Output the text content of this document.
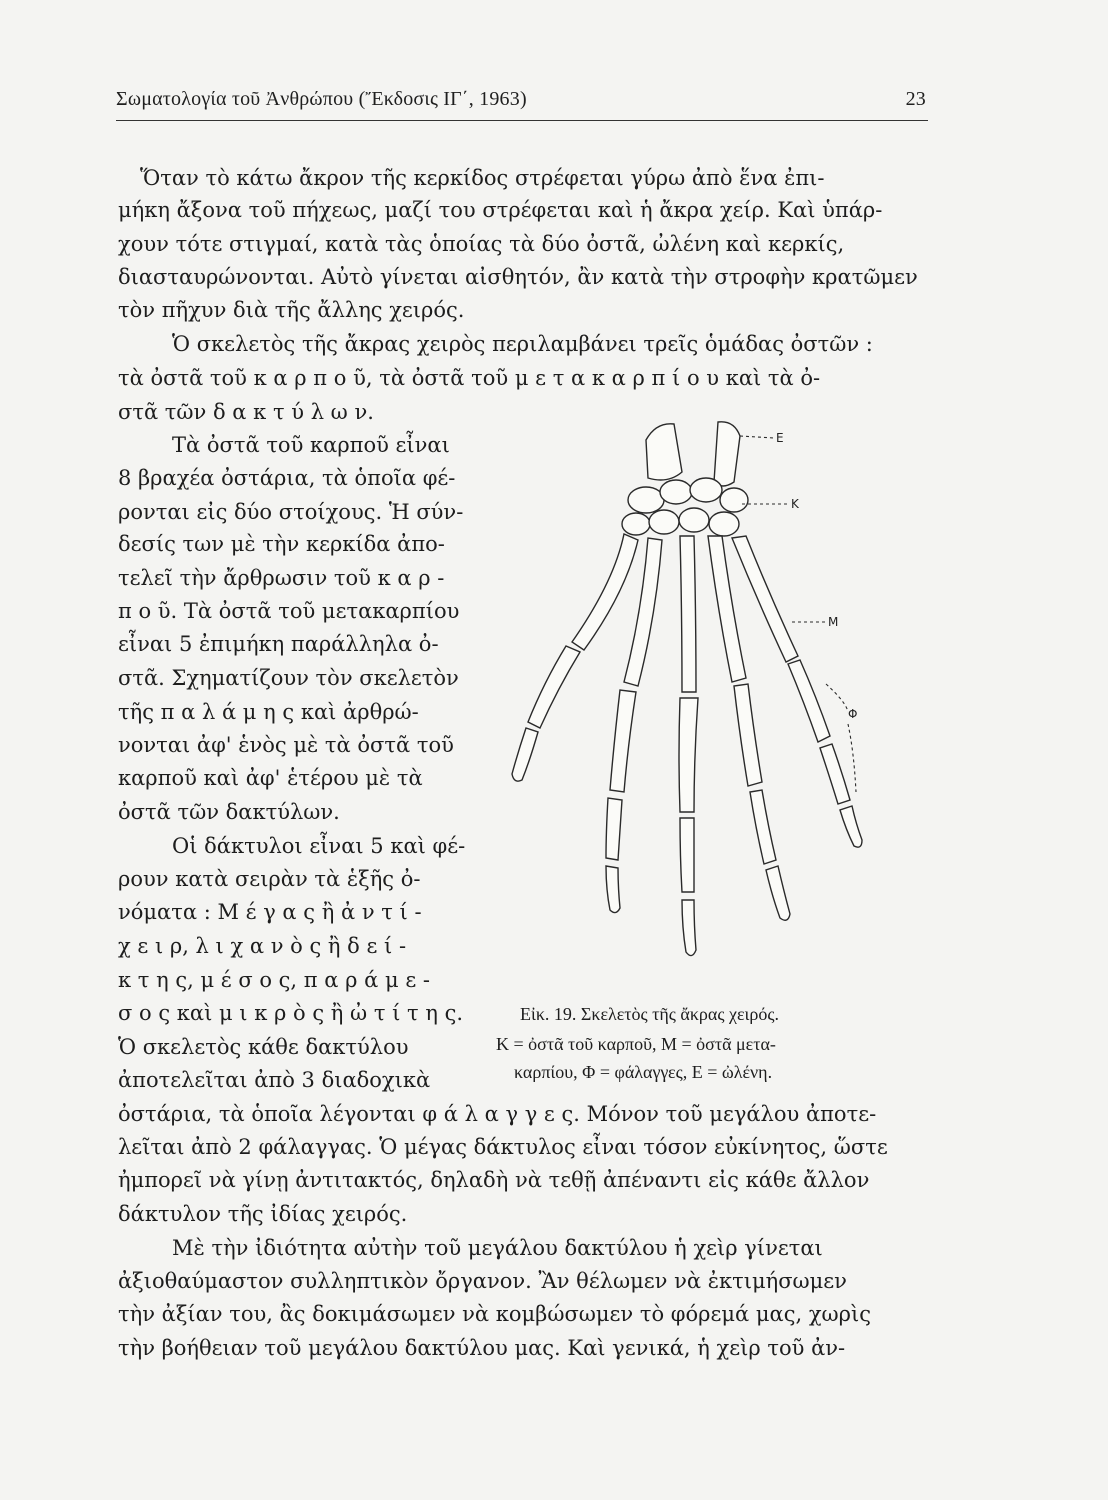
Σωματολογία τοῦ Ἀνθρώπου (Ἔκδοσις ΙΓ΄, 1963)	23
Ὅταν τὸ κάτω ἄκρον τῆς κερκίδος στρέφεται γύρω ἀπὸ ἕνα ἐπι-
μήκη ἄξονα τοῦ πήχεως, μαζί του στρέφεται καὶ ἡ ἄκρα χείρ. Καὶ ὑπάρ-
χουν τότε στιγμαί, κατὰ τὰς ὁποίας τὰ δύο ὀστᾶ, ὠλένη καὶ κερκίς,
διασταυρώνονται. Αὐτὸ γίνεται αἰσθητόν, ἂν κατὰ τὴν στροφὴν κρατῶμεν
τὸν πῆχυν διὰ τῆς ἄλλης χειρός.
Ὁ σκελετὸς τῆς ἄκρας χειρὸς περιλαμβάνει τρεῖς ὁμάδας ὀστῶν :
τὰ ὀστᾶ τοῦ κ α ρ π ο ῦ, τὰ ὀστᾶ τοῦ μ ε τ α κ α ρ π ί ο υ καὶ τὰ ὀ-
στᾶ τῶν δ α κ τ ύ λ ω ν.
Τὰ ὀστᾶ τοῦ καρποῦ εἶναι
8 βραχέα ὀστάρια, τὰ ὁποῖα φέ-
ρονται εἰς δύο στοίχους. Ἡ σύν-
δεσίς των μὲ τὴν κερκίδα ἀπο-
τελεῖ τὴν ἄρθρωσιν τοῦ κ α ρ -
π ο ῦ. Τὰ ὀστᾶ τοῦ μετακαρπίου
εἶναι 5 ἐπιμήκη παράλληλα ὀ-
στᾶ. Σχηματίζουν τὸν σκελετὸν
τῆς π α λ ά μ η ς καὶ ἀρθρώ-
νονται ἀφ' ἑνὸς μὲ τὰ ὀστᾶ τοῦ
καρποῦ καὶ ἀφ' ἑτέρου μὲ τὰ
ὀστᾶ τῶν δακτύλων.
Οἱ δάκτυλοι εἶναι 5 καὶ φέ-
ρουν κατὰ σειρὰν τὰ ἑξῆς ὀ-
νόματα : Μ έ γ α ς ἢ ἀ ν τ ί -
χ ε ι ρ, λ ι χ α ν ὸ ς ἢ δ ε ί -
κ τ η ς, μ έ σ ο ς, π α ρ ά μ ε -
σ ο ς καὶ μ ι κ ρ ὸ ς ἢ ὠ τ ί τ η ς.
Ὁ σκελετὸς κάθε δακτύλου
ἀποτελεῖται ἀπὸ 3 διαδοχικὰ
ὀστάρια, τὰ ὁποῖα λέγονται φ ά λ α γ γ ε ς. Μόνον τοῦ μεγάλου ἀποτε-
λεῖται ἀπὸ 2 φάλαγγας. Ὁ μέγας δάκτυλος εἶναι τόσον εὐκίνητος, ὥστε
ἠμπορεῖ νὰ γίνῃ ἀντιτακτός, δηλαδὴ νὰ τεθῇ ἀπέναντι εἰς κάθε ἄλλον
δάκτυλον τῆς ἰδίας χειρός.
Μὲ τὴν ἰδιότητα αὐτὴν τοῦ μεγάλου δακτύλου ἡ χεὶρ γίνεται
ἀξιοθαύμαστον συλληπτικὸν ὄργανον. Ἂν θέλωμεν νὰ ἐκτιμήσωμεν
τὴν ἀξίαν του, ἂς δοκιμάσωμεν νὰ κομβώσωμεν τὸ φόρεμά μας, χωρὶς
τὴν βοήθειαν τοῦ μεγάλου δακτύλου μας. Καὶ γενικά, ἡ χεὶρ τοῦ ἀν-
E
K
M
Φ
Εἰκ. 19. Σκελετὸς τῆς ἄκρας χειρός.
Κ = ὀστᾶ τοῦ καρποῦ, Μ = ὀστᾶ μετα-
καρπίου, Φ = φάλαγγες, Ε = ὠλένη.
